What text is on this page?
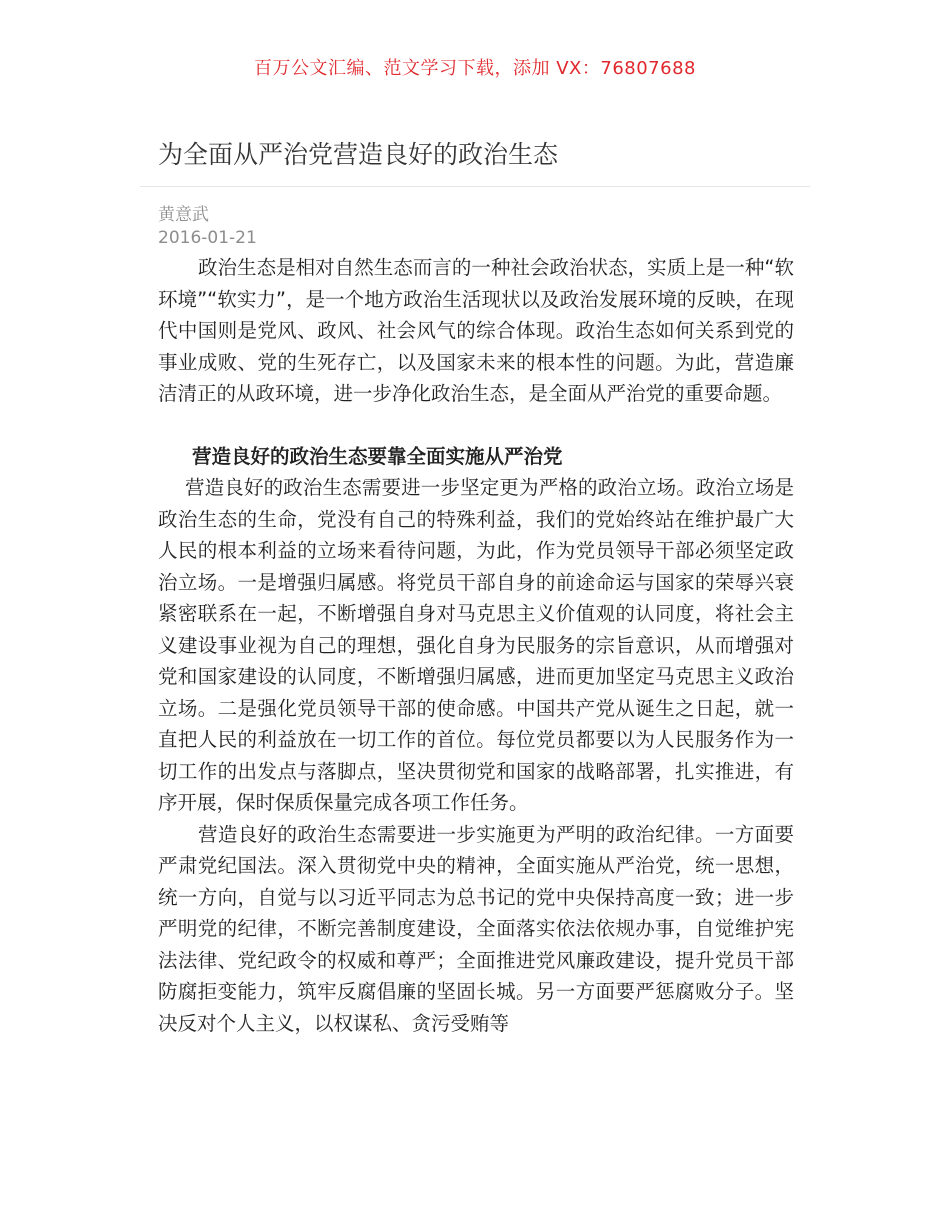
百万公文汇编、范文学习下载，添加 VX：76807688
为全面从严治党营造良好的政治生态
黄意武
2016-01-21

政治生态是相对自然生态而言的一种社会政治状态，实质上是一种“软环境”“软实力”，是一个地方政治生活现状以及政治发展环境的反映，在现代中国则是党风、政风、社会风气的综合体现。政治生态如何关系到党的事业成败、党的生死存亡，以及国家未来的根本性的问题。为此，营造廉洁清正的从政环境，进一步净化政治生态，是全面从严治党的重要命题。

营造良好的政治生态要靠全面实施从严治党

营造良好的政治生态需要进一步坚定更为严格的政治立场。政治立场是政治生态的生命，党没有自己的特殊利益，我们的党始终站在维护最广大人民的根本利益的立场来看待问题，为此，作为党员领导干部必须坚定政治立场。一是增强归属感。将党员干部自身的前途命运与国家的荣辱兴衰紧密联系在一起，不断增强自身对马克思主义价值观的认同度，将社会主义建设事业视为自己的理想，强化自身为民服务的宗旨意识，从而增强对党和国家建设的认同度，不断增强归属感，进而更加坚定马克思主义政治立场。二是强化党员领导干部的使命感。中国共产党从诞生之日起，就一直把人民的利益放在一切工作的首位。每位党员都要以为人民服务作为一切工作的出发点与落脚点，坚决贯彻党和国家的战略部署，扎实推进，有序开展，保时保质保量完成各项工作任务。

营造良好的政治生态需要进一步实施更为严明的政治纪律。一方面要严肃党纪国法。深入贯彻党中央的精神，全面实施从严治党，统一思想，统一方向，自觉与以习近平同志为总书记的党中央保持高度一致；进一步严明党的纪律，不断完善制度建设，全面落实依法依规办事，自觉维护宪法法律、党纪政令的权威和尊严；全面推进党风廉政建设，提升党员干部防腐拒变能力，筑牢反腐倡廉的坚固长城。另一方面要严惩腐败分子。坚决反对个人主义，以权谋私、贪污受贿等
